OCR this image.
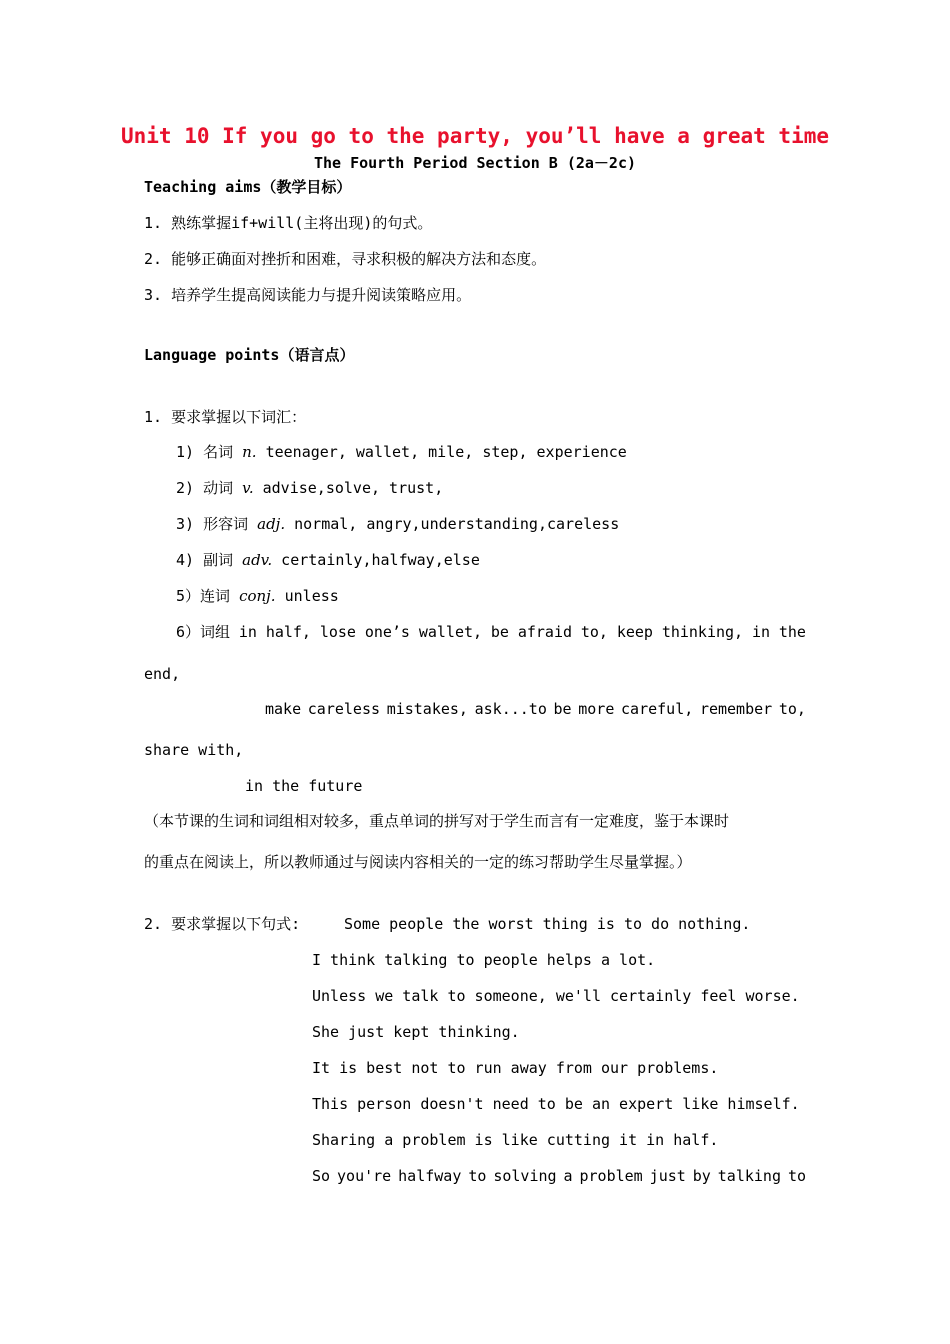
Unit 10 If you go to the party, you’ll have a great time
The Fourth Period Section B (2a－2c)
Teaching aims（教学目标）
1. 熟练掌握if+will(主将出现)的句式。
2. 能够正确面对挫折和困难，寻求积极的解决方法和态度。
3. 培养学生提高阅读能力与提升阅读策略应用。
Language points（语言点）
1. 要求掌握以下词汇：
1) 名词 n. teenager, wallet, mile, step, experience
2) 动词 v. advise,solve, trust,
3) 形容词 adj. normal, angry,understanding,careless
4) 副词 adv. certainly,halfway,else
5）连词 conj. unless
6）词组 in half, lose one’s wallet, be afraid to, keep thinking, in the
end,
make careless mistakes, ask...to be more careful, remember to,
share with,
in the future
（本节课的生词和词组相对较多，重点单词的拼写对于学生而言有一定难度，鉴于本课时
的重点在阅读上，所以教师通过与阅读内容相关的一定的练习帮助学生尽量掌握。）
2. 要求掌握以下句式:	Some people the worst thing is to do nothing.
I think talking to people helps a lot.
Unless we talk to someone, we'll certainly feel worse.
She just kept thinking.
It is best not to run away from our problems.
This person doesn't need to be an expert like himself.
Sharing a problem is like cutting it in half.
So you're halfway to solving a problem just by talking to
